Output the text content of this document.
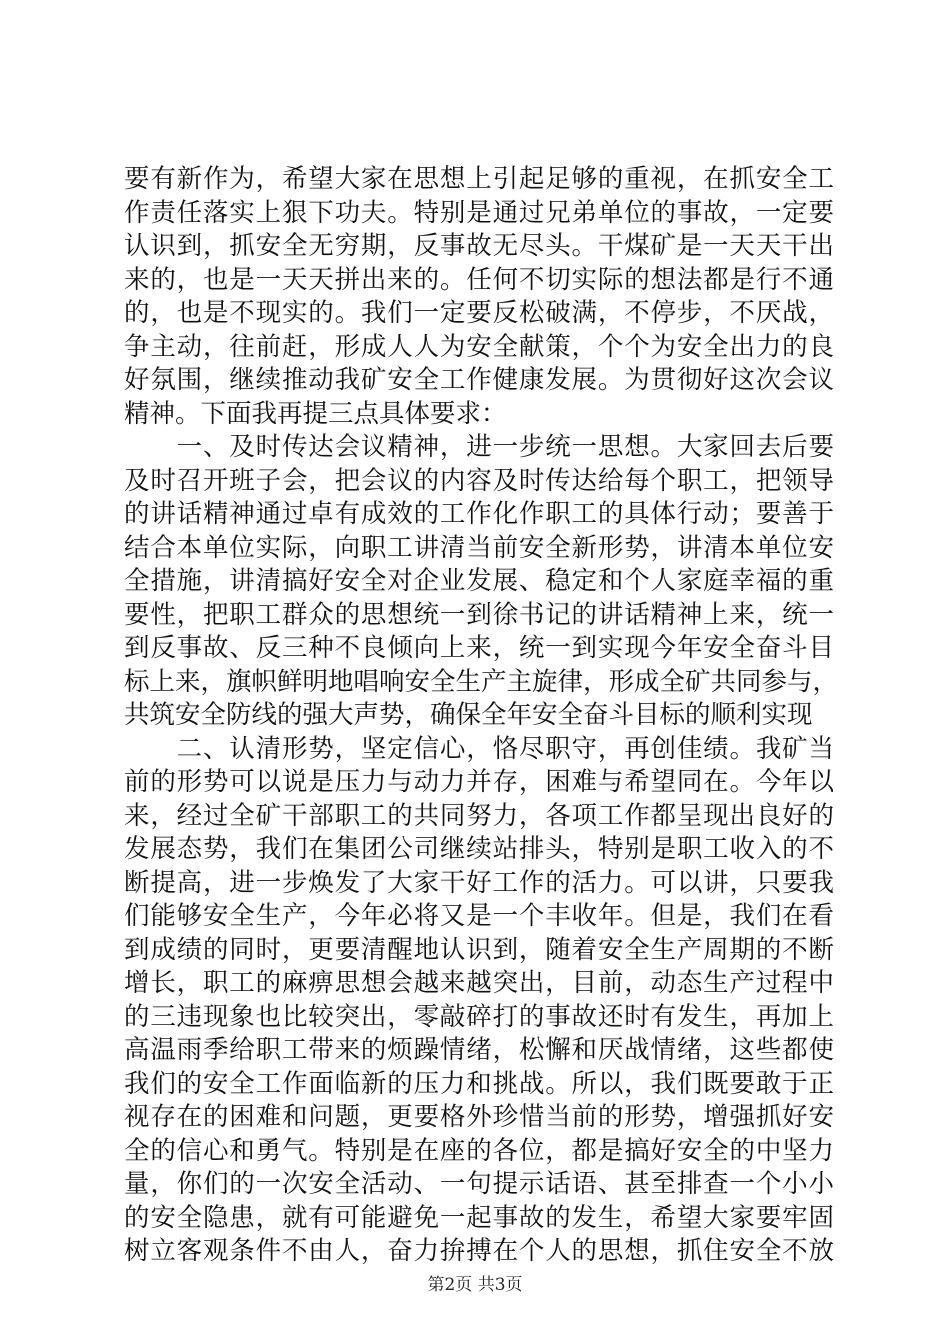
要有新作为，希望大家在思想上引起足够的重视，在抓安全工
作责任落实上狠下功夫。特别是通过兄弟单位的事故，一定要
认识到，抓安全无穷期，反事故无尽头。干煤矿是一天天干出
来的，也是一天天拼出来的。任何不切实际的想法都是行不通
的，也是不现实的。我们一定要反松破满，不停步，不厌战，
争主动，往前赶，形成人人为安全献策，个个为安全出力的良
好氛围，继续推动我矿安全工作健康发展。为贯彻好这次会议
精神。下面我再提三点具体要求：
　　一、及时传达会议精神，进一步统一思想。大家回去后要
及时召开班子会，把会议的内容及时传达给每个职工，把领导
的讲话精神通过卓有成效的工作化作职工的具体行动；要善于
结合本单位实际，向职工讲清当前安全新形势，讲清本单位安
全措施，讲清搞好安全对企业发展、稳定和个人家庭幸福的重
要性，把职工群众的思想统一到徐书记的讲话精神上来，统一
到反事故、反三种不良倾向上来，统一到实现今年安全奋斗目
标上来，旗帜鲜明地唱响安全生产主旋律，形成全矿共同参与，
共筑安全防线的强大声势，确保全年安全奋斗目标的顺利实现
　　二、认清形势，坚定信心，恪尽职守，再创佳绩。我矿当
前的形势可以说是压力与动力并存，困难与希望同在。今年以
来，经过全矿干部职工的共同努力，各项工作都呈现出良好的
发展态势，我们在集团公司继续站排头，特别是职工收入的不
断提高，进一步焕发了大家干好工作的活力。可以讲，只要我
们能够安全生产，今年必将又是一个丰收年。但是，我们在看
到成绩的同时，更要清醒地认识到，随着安全生产周期的不断
增长，职工的麻痹思想会越来越突出，目前，动态生产过程中
的三违现象也比较突出，零敲碎打的事故还时有发生，再加上
高温雨季给职工带来的烦躁情绪，松懈和厌战情绪，这些都使
我们的安全工作面临新的压力和挑战。所以，我们既要敢于正
视存在的困难和问题，更要格外珍惜当前的形势，增强抓好安
全的信心和勇气。特别是在座的各位，都是搞好安全的中坚力
量，你们的一次安全活动、一句提示话语、甚至排查一个小小
的安全隐患，就有可能避免一起事故的发生，希望大家要牢固
树立客观条件不由人，奋力拚搏在个人的思想，抓住安全不放
第2页 共3页
